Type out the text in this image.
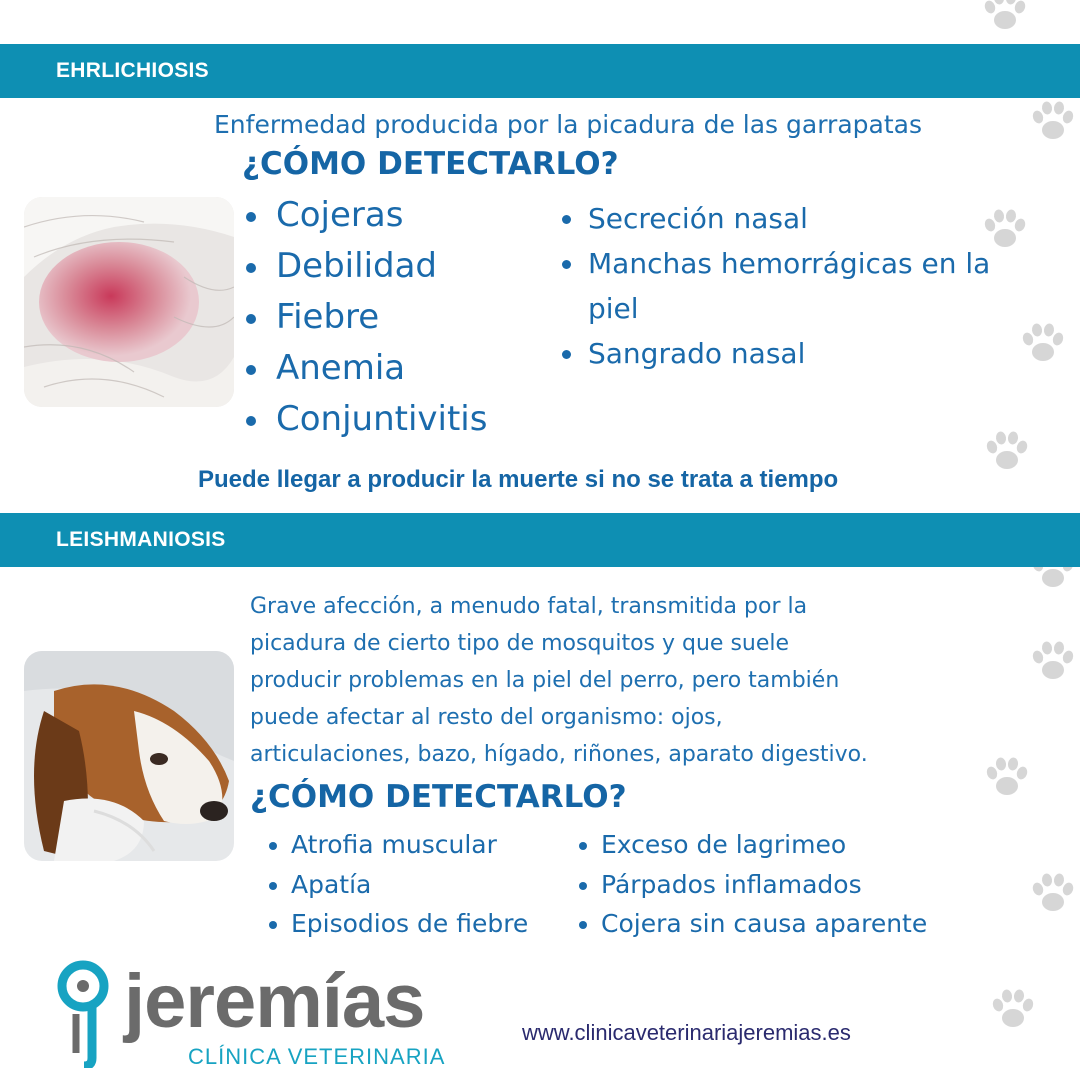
EHRLICHIOSIS
Enfermedad producida por la picadura de las garrapatas
¿CÓMO DETECTARLO?
Cojeras
Debilidad
Fiebre
Anemia
Conjuntivitis
Secreción nasal
Manchas hemorrágicas en la piel
Sangrado nasal
Puede llegar a producir la muerte si no se trata a tiempo
LEISHMANIOSIS
Grave afección, a menudo fatal, transmitida por la
picadura de cierto tipo de mosquitos y que suele
producir problemas en la piel del perro, pero también
puede afectar al resto del organismo: ojos,
articulaciones, bazo, hígado, riñones, aparato digestivo.
¿CÓMO DETECTARLO?
Atrofia muscular
Apatía
Episodios de fiebre
Exceso de lagrimeo
Párpados inflamados
Cojera sin causa aparente
jeremías
CLÍNICA VETERINARIA
www.clinicaveterinariajeremias.es
